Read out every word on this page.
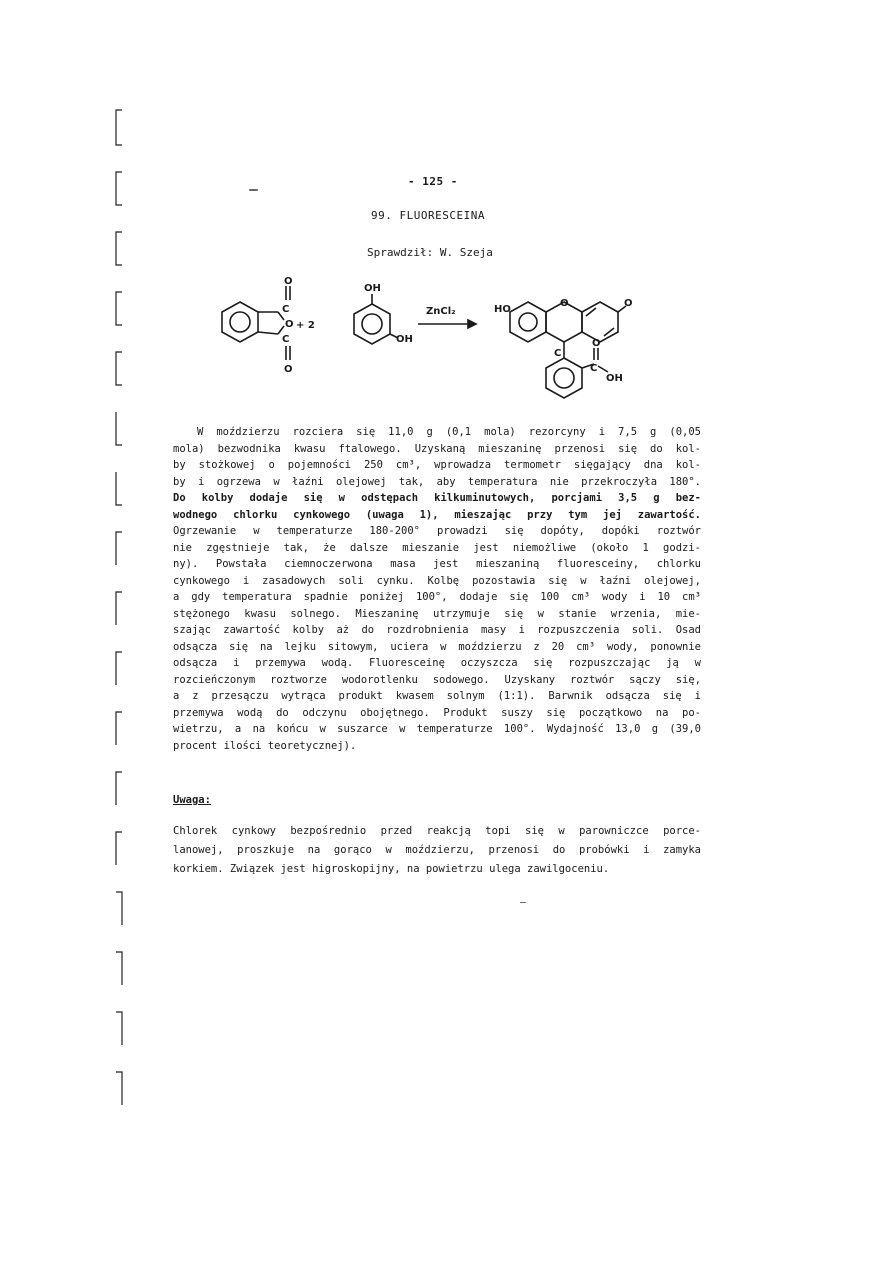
- 125 -
99. FLUORESCEINA
Sprawdził: W. Szeja
O
C
O + 2
C
O
OH
OH
ZnCl₂	HO
O	O
C
O
C
OH
W moździerzu rozciera się 11,0 g (0,1 mola) rezorcyny i 7,5 g (0,05
mola) bezwodnika kwasu ftalowego. Uzyskaną mieszaninę przenosi się do kol-
by stożkowej o pojemności 250 cm³, wprowadza termometr sięgający dna kol-
by i ogrzewa w łaźni olejowej tak, aby temperatura nie przekroczyła 180°.
Do kolby dodaje się w odstępach kilkuminutowych, porcjami 3,5 g bez-
wodnego chlorku cynkowego (uwaga 1), mieszając przy tym jej zawartość.
Ogrzewanie w temperaturze 180-200° prowadzi się dopóty, dopóki roztwór
nie zgęstnieje tak, że dalsze mieszanie jest niemożliwe (około 1 godzi-
ny). Powstała ciemnoczerwona masa jest mieszaniną fluoresceiny, chlorku
cynkowego i zasadowych soli cynku. Kolbę pozostawia się w łaźni olejowej,
a gdy temperatura spadnie poniżej 100°, dodaje się 100 cm³ wody i 10 cm³
stężonego kwasu solnego. Mieszaninę utrzymuje się w stanie wrzenia, mie-
szając zawartość kolby aż do rozdrobnienia masy i rozpuszczenia soli. Osad
odsącza się na lejku sitowym, uciera w moździerzu z 20 cm³ wody, ponownie
odsącza i przemywa wodą. Fluoresceinę oczyszcza się rozpuszczając ją w
rozcieńczonym roztworze wodorotlenku sodowego. Uzyskany roztwór sączy się,
a z przesączu wytrąca produkt kwasem solnym (1:1). Barwnik odsącza się i
przemywa wodą do odczynu obojętnego. Produkt suszy się początkowo na po-
wietrzu, a na końcu w suszarce w temperaturze 100°. Wydajność 13,0 g (39,0
procent ilości teoretycznej).
Uwaga:
Chlorek cynkowy bezpośrednio przed reakcją topi się w parowniczce porce-
lanowej, proszkuje na gorąco w moździerzu, przenosi do probówki i zamyka
korkiem. Związek jest higroskopijny, na powietrzu ulega zawilgoceniu.
